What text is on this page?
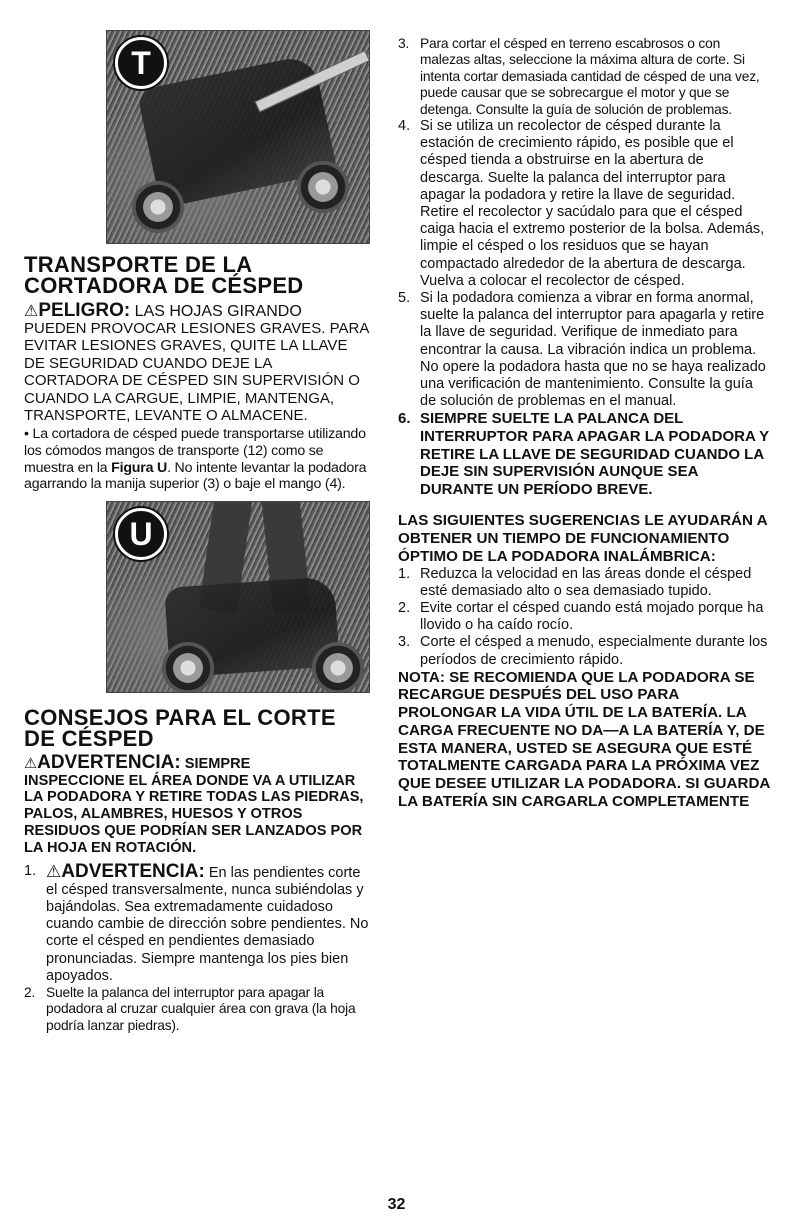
T
TRANSPORTE DE LA
CORTADORA DE CÉSPED

⚠PELIGRO: LAS HOJAS GIRANDO

PUEDEN PROVOCAR LESIONES GRAVES. PARA EVITAR LESIONES GRAVES, QUITE LA LLAVE DE SEGURIDAD CUANDO DEJE LA CORTADORA DE CÉSPED SIN SUPERVISIÓN O CUANDO LA CARGUE, LIMPIE, MANTENGA, TRANSPORTE, LEVANTE O ALMACENE.

• La cortadora de césped puede transportarse utilizando los cómodos mangos de transporte (12) como se muestra en la Figura U. No intente levantar la podadora agarrando la manija superior (3) o baje el mango (4).

U
CONSEJOS PARA EL CORTE
DE CÉSPED

⚠ADVERTENCIA: SIEMPRE

INSPECCIONE EL ÁREA DONDE VA A UTILIZAR LA PODADORA Y RETIRE TODAS LAS PIEDRAS, PALOS, ALAMBRES, HUESOS Y OTROS RESIDUOS QUE PODRÍAN SER LANZADOS POR LA HOJA EN ROTACIÓN.

1. ⚠ADVERTENCIA: En las pendientes corte el césped transversalmente, nunca subiéndolas y bajándolas. Sea extremadamente cuidadoso cuando cambie de dirección sobre pendientes. No corte el césped en pendientes demasiado pronunciadas. Siempre mantenga los pies bien apoyados.
2. Suelte la palanca del interruptor para apagar la podadora al cruzar cualquier área con grava (la hoja podría lanzar piedras).
3. Para cortar el césped en terreno escabrosos o con malezas altas, seleccione la máxima altura de corte. Si intenta cortar demasiada cantidad de césped de una vez, puede causar que se sobrecargue el motor y que se detenga. Consulte la guía de solución de problemas.
4. Si se utiliza un recolector de césped durante la estación de crecimiento rápido, es posible que el césped tienda a obstruirse en la abertura de descarga. Suelte la palanca del interruptor para apagar la podadora y retire la llave de seguridad. Retire el recolector y sacúdalo para que el césped caiga hacia el extremo posterior de la bolsa. Además, limpie el césped o los residuos que se hayan compactado alrededor de la abertura de descarga. Vuelva a colocar el recolector de césped.
5. Si la podadora comienza a vibrar en forma anormal, suelte la palanca del interruptor para apagarla y retire la llave de seguridad. Verifique de inmediato para encontrar la causa. La vibración indica un problema. No opere la podadora hasta que no se haya realizado una verificación de mantenimiento. Consulte la guía de solución de problemas en el manual.
6. SIEMPRE SUELTE LA PALANCA DEL INTERRUPTOR PARA APAGAR LA PODADORA Y RETIRE LA LLAVE DE SEGURIDAD CUANDO LA DEJE SIN SUPERVISIÓN AUNQUE SEA DURANTE UN PERÍODO BREVE.

LAS SIGUIENTES SUGERENCIAS LE AYUDARÁN A OBTENER UN TIEMPO DE FUNCIONAMIENTO ÓPTIMO DE LA PODADORA INALÁMBRICA:

1. Reduzca la velocidad en las áreas donde el césped esté demasiado alto o sea demasiado tupido.
2. Evite cortar el césped cuando está mojado porque ha llovido o ha caído rocío.
3. Corte el césped a menudo, especialmente durante los períodos de crecimiento rápido.

NOTA: SE RECOMIENDA QUE LA PODADORA SE RECARGUE DESPUÉS DEL USO PARA PROLONGAR LA VIDA ÚTIL DE LA BATERÍA. LA CARGA FRECUENTE NO DA—A LA BATERÍA Y, DE ESTA MANERA, USTED SE ASEGURA QUE ESTÉ TOTALMENTE CARGADA PARA LA PRÓXIMA VEZ QUE DESEE UTILIZAR LA PODADORA. SI GUARDA LA BATERÍA SIN CARGARLA COMPLETAMENTE

32
